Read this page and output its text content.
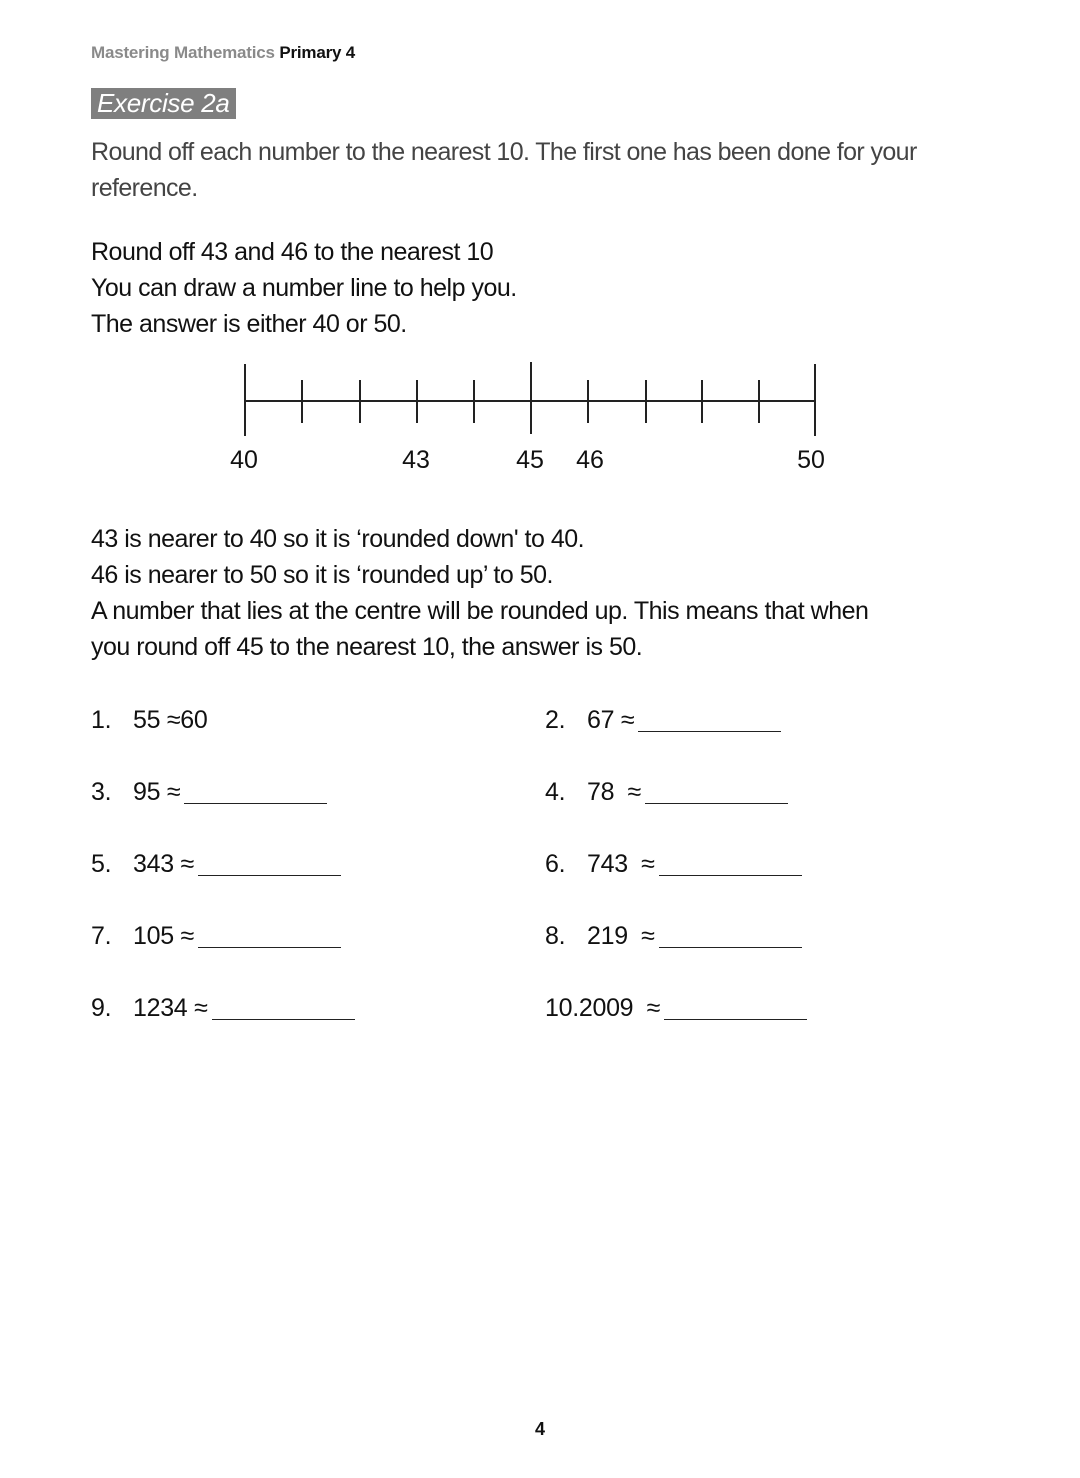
Mastering Mathematics Primary 4
Exercise 2a
Round off each number to the nearest 10. The first one has been done for your
reference.
Round off 43 and 46 to the nearest 10
You can draw a number line to help you.
The answer is either 40 or 50.
40	43	45 46	50
43 is nearer to 40 so it is ‘rounded down' to 40.
46 is nearer to 50 so it is ‘rounded up’ to 50.
A number that lies at the centre will be rounded up. This means that when
you round off 45 to the nearest 10, the answer is 50.
1. 55 ≈60	2. 67 ≈
3. 95 ≈	4. 78 ≈
5. 343 ≈	6. 743 ≈
7. 105 ≈	8. 219 ≈
9. 1234 ≈	10.2009 ≈
4
